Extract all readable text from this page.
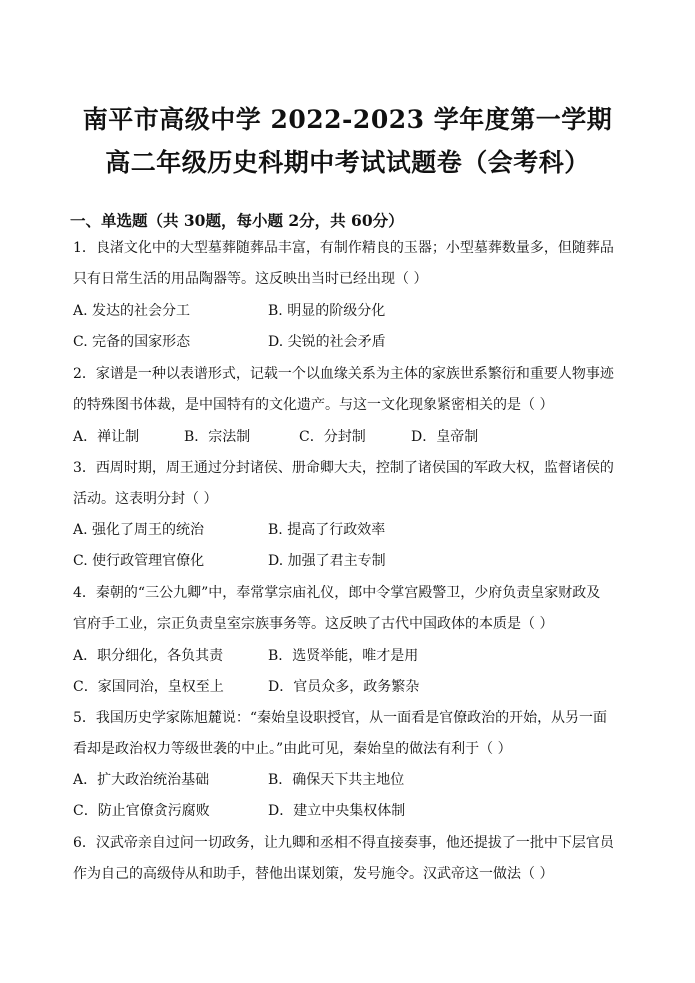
南平市高级中学 2022-2023 学年度第一学期
高二年级历史科期中考试试题卷（会考科）
一、单选题（共 30题，每小题 2分，共 60分）
1．良渚文化中的大型墓葬随葬品丰富，有制作精良的玉器；小型墓葬数量多，但随葬品
只有日常生活的用品陶器等。这反映出当时已经出现（ ）
A. 发达的社会分工	B. 明显的阶级分化
C. 完备的国家形态	D. 尖锐的社会矛盾
2．家谱是一种以表谱形式，记载一个以血缘关系为主体的家族世系繁衍和重要人物事迹
的特殊图书体裁，是中国特有的文化遗产。与这一文化现象紧密相关的是（ ）
A．禅让制	B．宗法制	C．分封制	D．皇帝制
3．西周时期，周王通过分封诸侯、册命卿大夫，控制了诸侯国的军政大权，监督诸侯的
活动。这表明分封（ ）
A. 强化了周王的统治	B. 提高了行政效率
C. 使行政管理官僚化	D. 加强了君主专制
4．秦朝的“三公九卿”中，奉常掌宗庙礼仪，郎中令掌宫殿警卫，少府负责皇家财政及
官府手工业，宗正负责皇室宗族事务等。这反映了古代中国政体的本质是（ ）
A．职分细化，各负其责	B．选贤举能，唯才是用
C．家国同治，皇权至上	D．官员众多，政务繁杂
5．我国历史学家陈旭麓说：“秦始皇设职授官，从一面看是官僚政治的开始，从另一面
看却是政治权力等级世袭的中止。”由此可见，秦始皇的做法有利于（ ）
A．扩大政治统治基础	B．确保天下共主地位
C．防止官僚贪污腐败	D．建立中央集权体制
6．汉武帝亲自过问一切政务，让九卿和丞相不得直接奏事，他还提拔了一批中下层官员
作为自己的高级侍从和助手，替他出谋划策，发号施令。汉武帝这一做法（ ）
